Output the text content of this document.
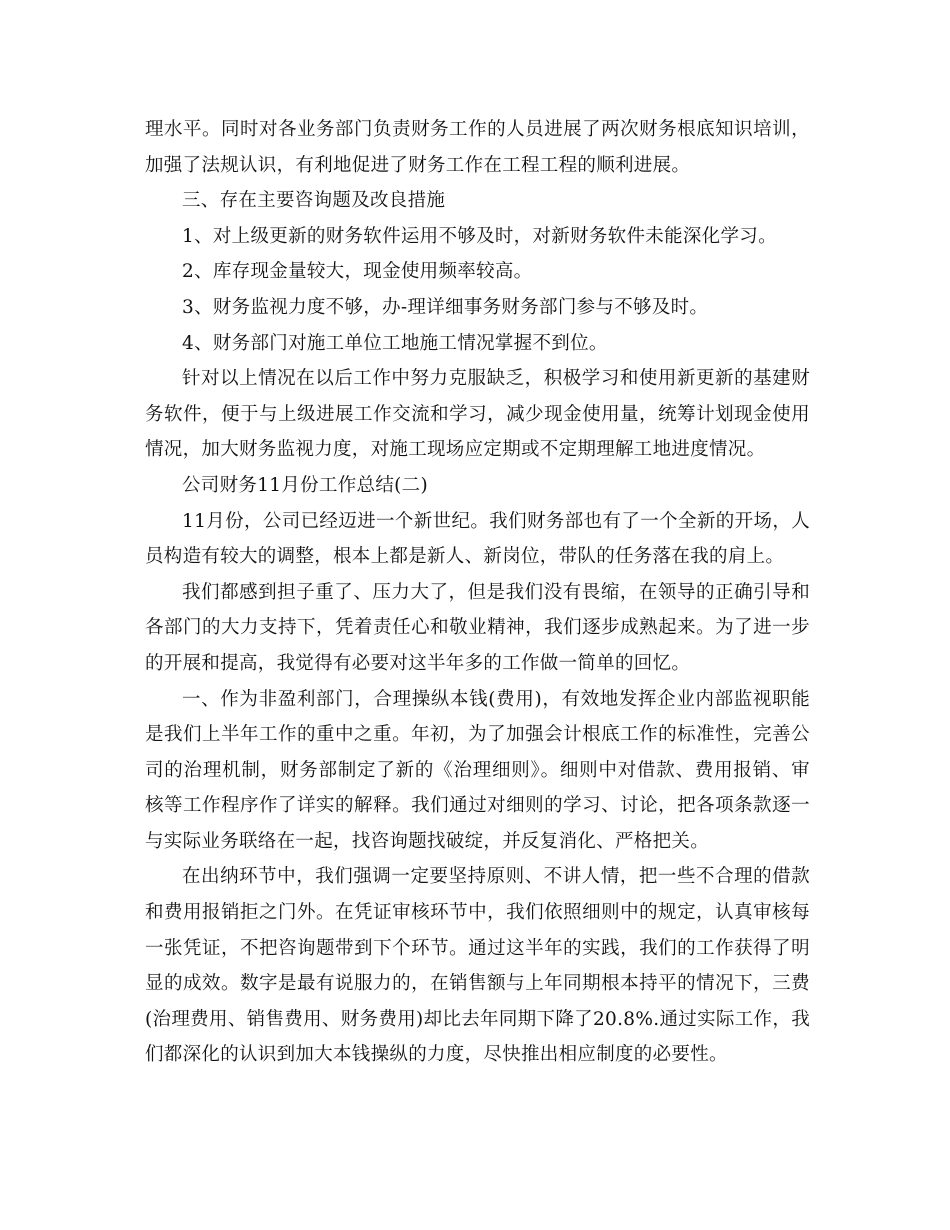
理水平。同时对各业务部门负责财务工作的人员进展了两次财务根底知识培训，加强了法规认识，有利地促进了财务工作在工程工程的顺利进展。

三、存在主要咨询题及改良措施

1、对上级更新的财务软件运用不够及时，对新财务软件未能深化学习。

2、库存现金量较大，现金使用频率较高。

3、财务监视力度不够，办-理详细事务财务部门参与不够及时。

4、财务部门对施工单位工地施工情况掌握不到位。

针对以上情况在以后工作中努力克服缺乏，积极学习和使用新更新的基建财务软件，便于与上级进展工作交流和学习，减少现金使用量，统筹计划现金使用情况，加大财务监视力度，对施工现场应定期或不定期理解工地进度情况。

公司财务11月份工作总结(二)

11月份，公司已经迈进一个新世纪。我们财务部也有了一个全新的开场，人员构造有较大的调整，根本上都是新人、新岗位，带队的任务落在我的肩上。

我们都感到担子重了、压力大了，但是我们没有畏缩，在领导的正确引导和各部门的大力支持下，凭着责任心和敬业精神，我们逐步成熟起来。为了进一步的开展和提高，我觉得有必要对这半年多的工作做一简单的回忆。

一、作为非盈利部门，合理操纵本钱(费用)，有效地发挥企业内部监视职能是我们上半年工作的重中之重。年初，为了加强会计根底工作的标准性，完善公司的治理机制，财务部制定了新的《治理细则》。细则中对借款、费用报销、审核等工作程序作了详实的解释。我们通过对细则的学习、讨论，把各项条款逐一与实际业务联络在一起，找咨询题找破绽，并反复消化、严格把关。

在出纳环节中，我们强调一定要坚持原则、不讲人情，把一些不合理的借款和费用报销拒之门外。在凭证审核环节中，我们依照细则中的规定，认真审核每一张凭证，不把咨询题带到下个环节。通过这半年的实践，我们的工作获得了明显的成效。数字是最有说服力的，在销售额与上年同期根本持平的情况下，三费(治理费用、销售费用、财务费用)却比去年同期下降了20.8%.通过实际工作，我们都深化的认识到加大本钱操纵的力度，尽快推出相应制度的必要性。
